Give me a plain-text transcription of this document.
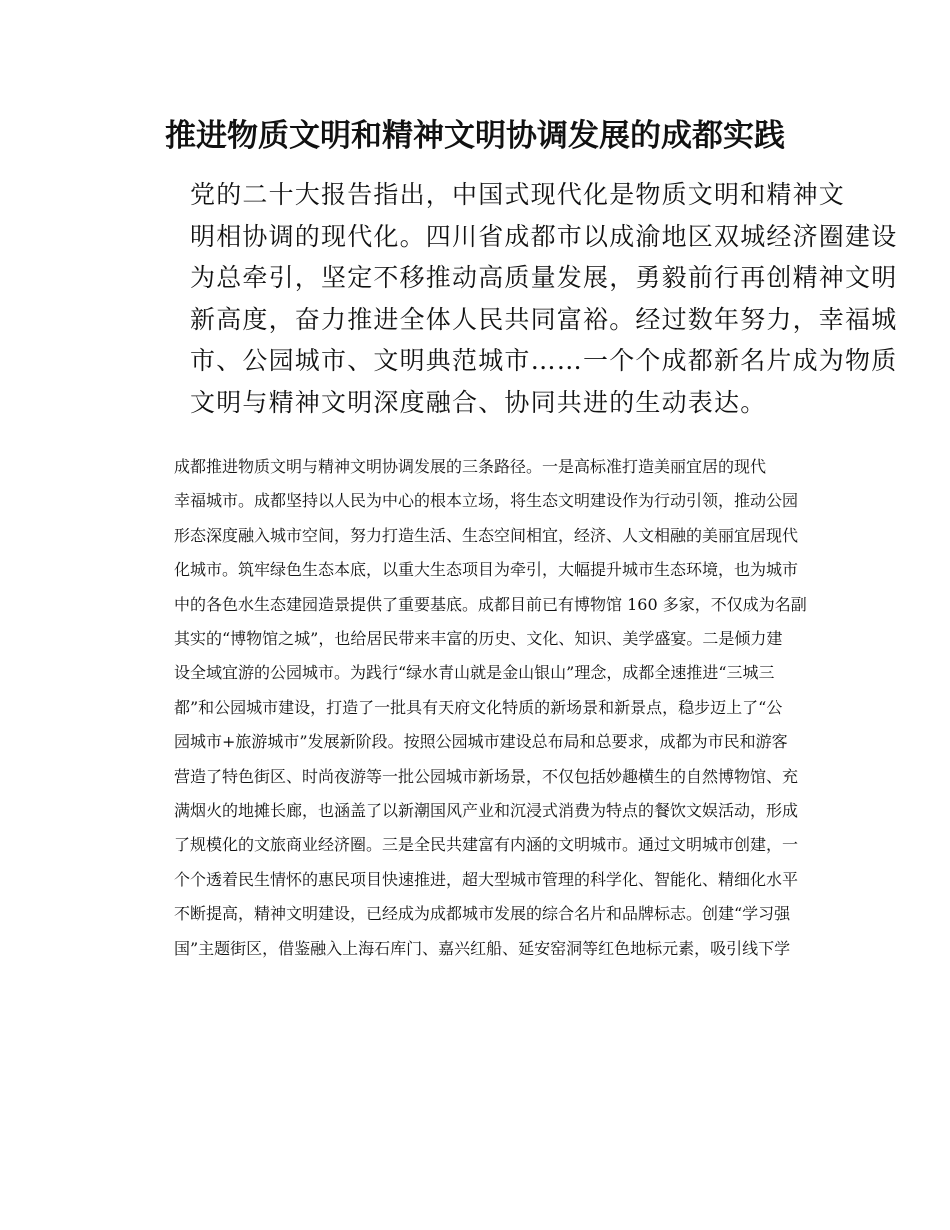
推进物质文明和精神文明协调发展的成都实践

党的二十大报告指出，中国式现代化是物质文明和精神文
明相协调的现代化。四川省成都市以成渝地区双城经济圈建设
为总牵引，坚定不移推动高质量发展，勇毅前行再创精神文明
新高度，奋力推进全体人民共同富裕。经过数年努力，幸福城
市、公园城市、文明典范城市……一个个成都新名片成为物质
文明与精神文明深度融合、协同共进的生动表达。

成都推进物质文明与精神文明协调发展的三条路径。一是高标准打造美丽宜居的现代
幸福城市。成都坚持以人民为中心的根本立场，将生态文明建设作为行动引领，推动公园
形态深度融入城市空间，努力打造生活、生态空间相宜，经济、人文相融的美丽宜居现代
化城市。筑牢绿色生态本底，以重大生态项目为牵引，大幅提升城市生态环境，也为城市
中的各色水生态建园造景提供了重要基底。成都目前已有博物馆 160 多家，不仅成为名副
其实的“博物馆之城”，也给居民带来丰富的历史、文化、知识、美学盛宴。二是倾力建
设全域宜游的公园城市。为践行“绿水青山就是金山银山”理念，成都全速推进“三城三
都”和公园城市建设，打造了一批具有天府文化特质的新场景和新景点，稳步迈上了“公
园城市+旅游城市”发展新阶段。按照公园城市建设总布局和总要求，成都为市民和游客
营造了特色街区、时尚夜游等一批公园城市新场景，不仅包括妙趣横生的自然博物馆、充
满烟火的地摊长廊，也涵盖了以新潮国风产业和沉浸式消费为特点的餐饮文娱活动，形成
了规模化的文旅商业经济圈。三是全民共建富有内涵的文明城市。通过文明城市创建，一
个个透着民生情怀的惠民项目快速推进，超大型城市管理的科学化、智能化、精细化水平
不断提高，精神文明建设，已经成为成都城市发展的综合名片和品牌标志。创建“学习强
国”主题街区，借鉴融入上海石库门、嘉兴红船、延安窑洞等红色地标元素，吸引线下学
